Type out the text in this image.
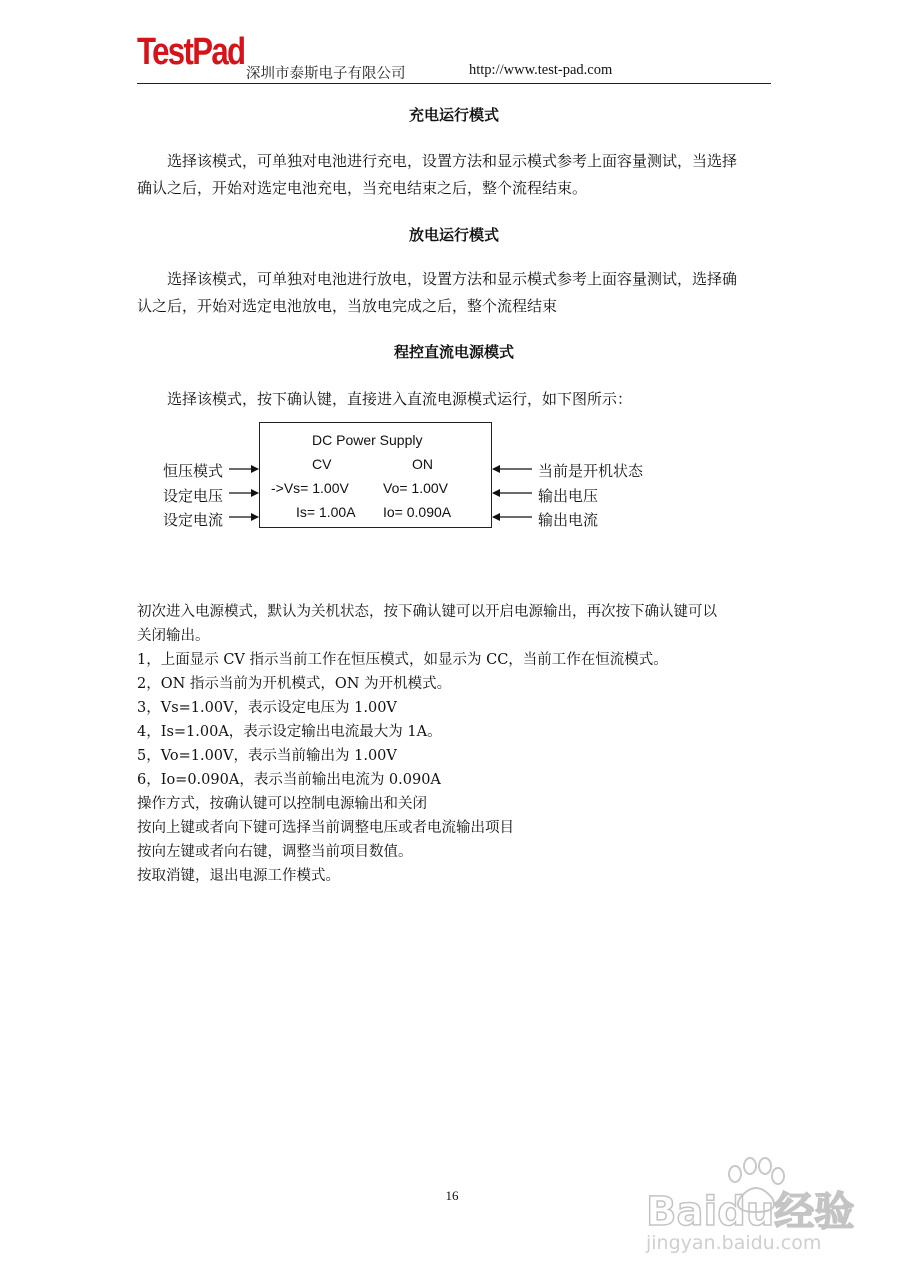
TestPad
深圳市泰斯电子有限公司	http://www.test-pad.com
充电运行模式
选择该模式，可单独对电池进行充电，设置方法和显示模式参考上面容量测试，当选择
确认之后，开始对选定电池充电，当充电结束之后，整个流程结束。
放电运行模式
选择该模式，可单独对电池进行放电，设置方法和显示模式参考上面容量测试，选择确
认之后，开始对选定电池放电，当放电完成之后，整个流程结束
程控直流电源模式
选择该模式，按下确认键，直接进入直流电源模式运行，如下图所示：
DC Power Supply
CV	ON
->Vs= 1.00V Vo= 1.00V
Is= 1.00A Io= 0.090A
恒压模式
设定电压
设定电流
当前是开机状态
输出电压
输出电流
初次进入电源模式，默认为关机状态，按下确认键可以开启电源输出，再次按下确认键可以
关闭输出。
1，上面显示 CV 指示当前工作在恒压模式，如显示为 CC，当前工作在恒流模式。
2，ON 指示当前为开机模式，ON 为开机模式。
3，Vs=1.00V，表示设定电压为 1.00V
4，Is=1.00A，表示设定输出电流最大为 1A。
5，Vo=1.00V，表示当前输出为 1.00V
6，Io=0.090A，表示当前输出电流为 0.090A
操作方式，按确认键可以控制电源输出和关闭
按向上键或者向下键可选择当前调整电压或者电流输出项目
按向左键或者向右键，调整当前项目数值。
按取消键，退出电源工作模式。
16	Baidu经验
jingyan.baidu.com
